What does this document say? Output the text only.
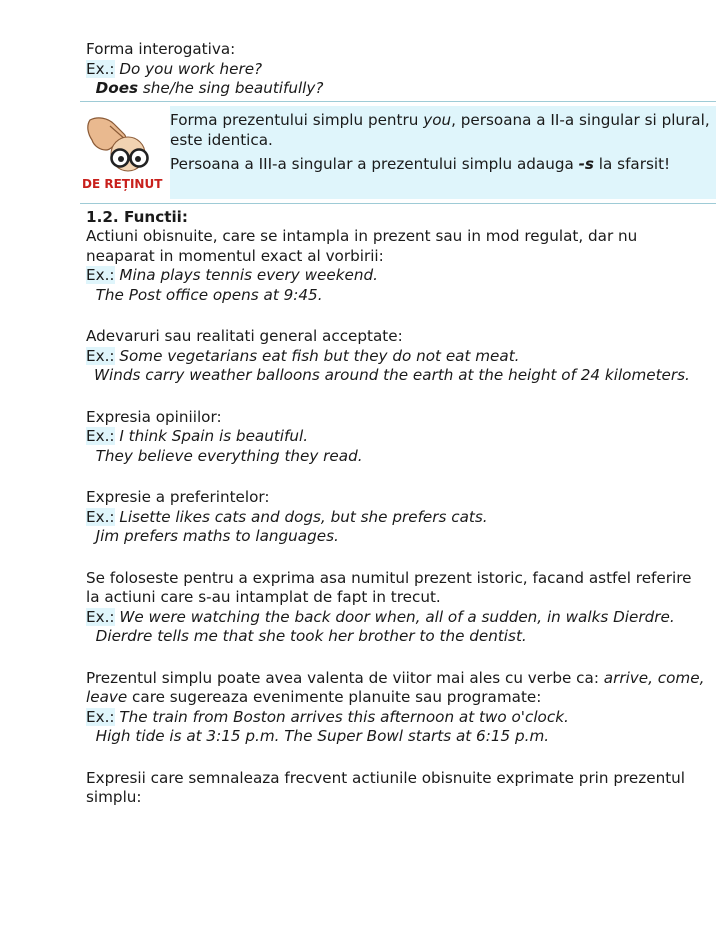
Forma interogativa:
Ex.: Do you work here?
Does she/he sing beautifully?
DE REȚINUT
Forma prezentului simplu pentru you, persoana a II-a singular si plural, este identica.
Persoana a III-a singular a prezentului simplu adauga -s la sfarsit!
1.2. Functii:
Actiuni obisnuite, care se intampla in prezent sau in mod regulat, dar nu neaparat in momentul exact al vorbirii:
Ex.: Mina plays tennis every weekend.
The Post office opens at 9:45.
Adevaruri sau realitati general acceptate:
Ex.: Some vegetarians eat fish but they do not eat meat.
Winds carry weather balloons around the earth at the height of 24 kilometers.
Expresia opiniilor:
Ex.: I think Spain is beautiful.
They believe everything they read.
Expresie a preferintelor:
Ex.: Lisette likes cats and dogs, but she prefers cats.
Jim prefers maths to languages.
Se foloseste pentru a exprima asa numitul prezent istoric, facand astfel referire la actiuni care s-au intamplat de fapt in trecut.
Ex.: We were watching the back door when, all of a sudden, in walks Dierdre.
Dierdre tells me that she took her brother to the dentist.
Prezentul simplu poate avea valenta de viitor mai ales cu verbe ca: arrive, come, leave care sugereaza evenimente planuite sau programate:
Ex.: The train from Boston arrives this afternoon at two o'clock.
High tide is at 3:15 p.m. The Super Bowl starts at 6:15 p.m.
Expresii care semnaleaza frecvent actiunile obisnuite exprimate prin prezentul simplu:
